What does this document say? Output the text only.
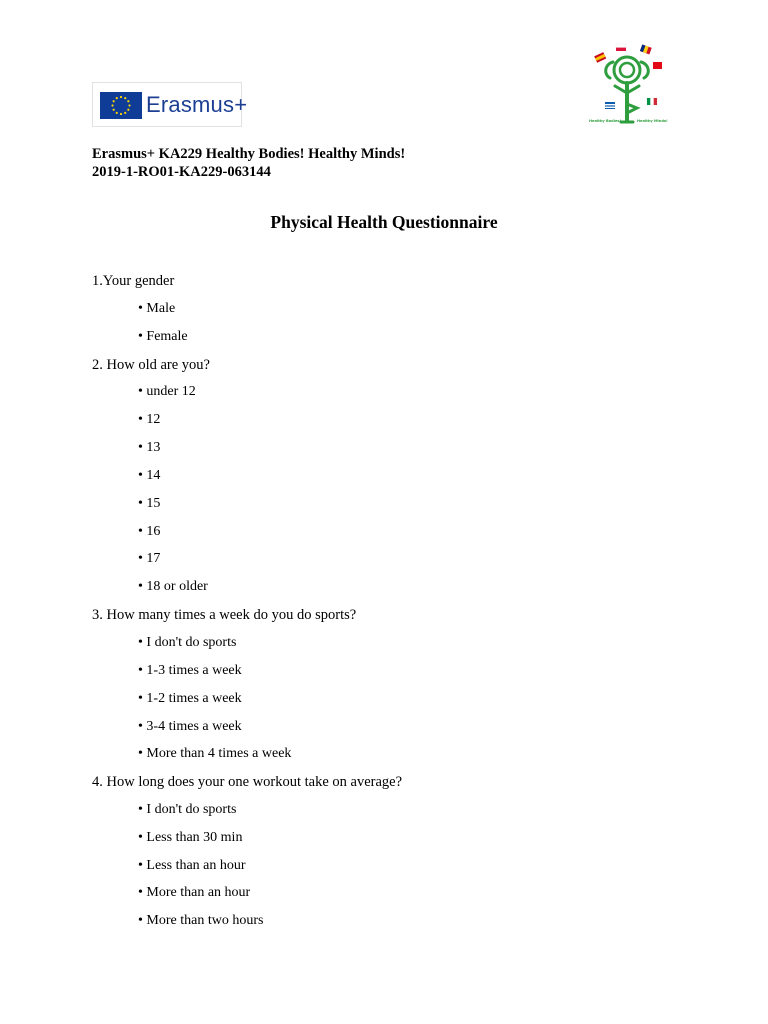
Erasmus+
Healthy Bodies!	Healthy Minds!
Erasmus+ KA229 Healthy Bodies! Healthy Minds!
2019-1-RO01-KA229-063144
Physical Health Questionnaire
1.Your gender
• Male
• Female
2. How old are you?
• under 12
• 12
• 13
• 14
• 15
• 16
• 17
• 18 or older
3. How many times a week do you do sports?
• I don't do sports
• 1-3 times a week
• 1-2 times a week
• 3-4 times a week
• More than 4 times a week
4. How long does your one workout take on average?
• I don't do sports
• Less than 30 min
• Less than an hour
• More than an hour
• More than two hours
